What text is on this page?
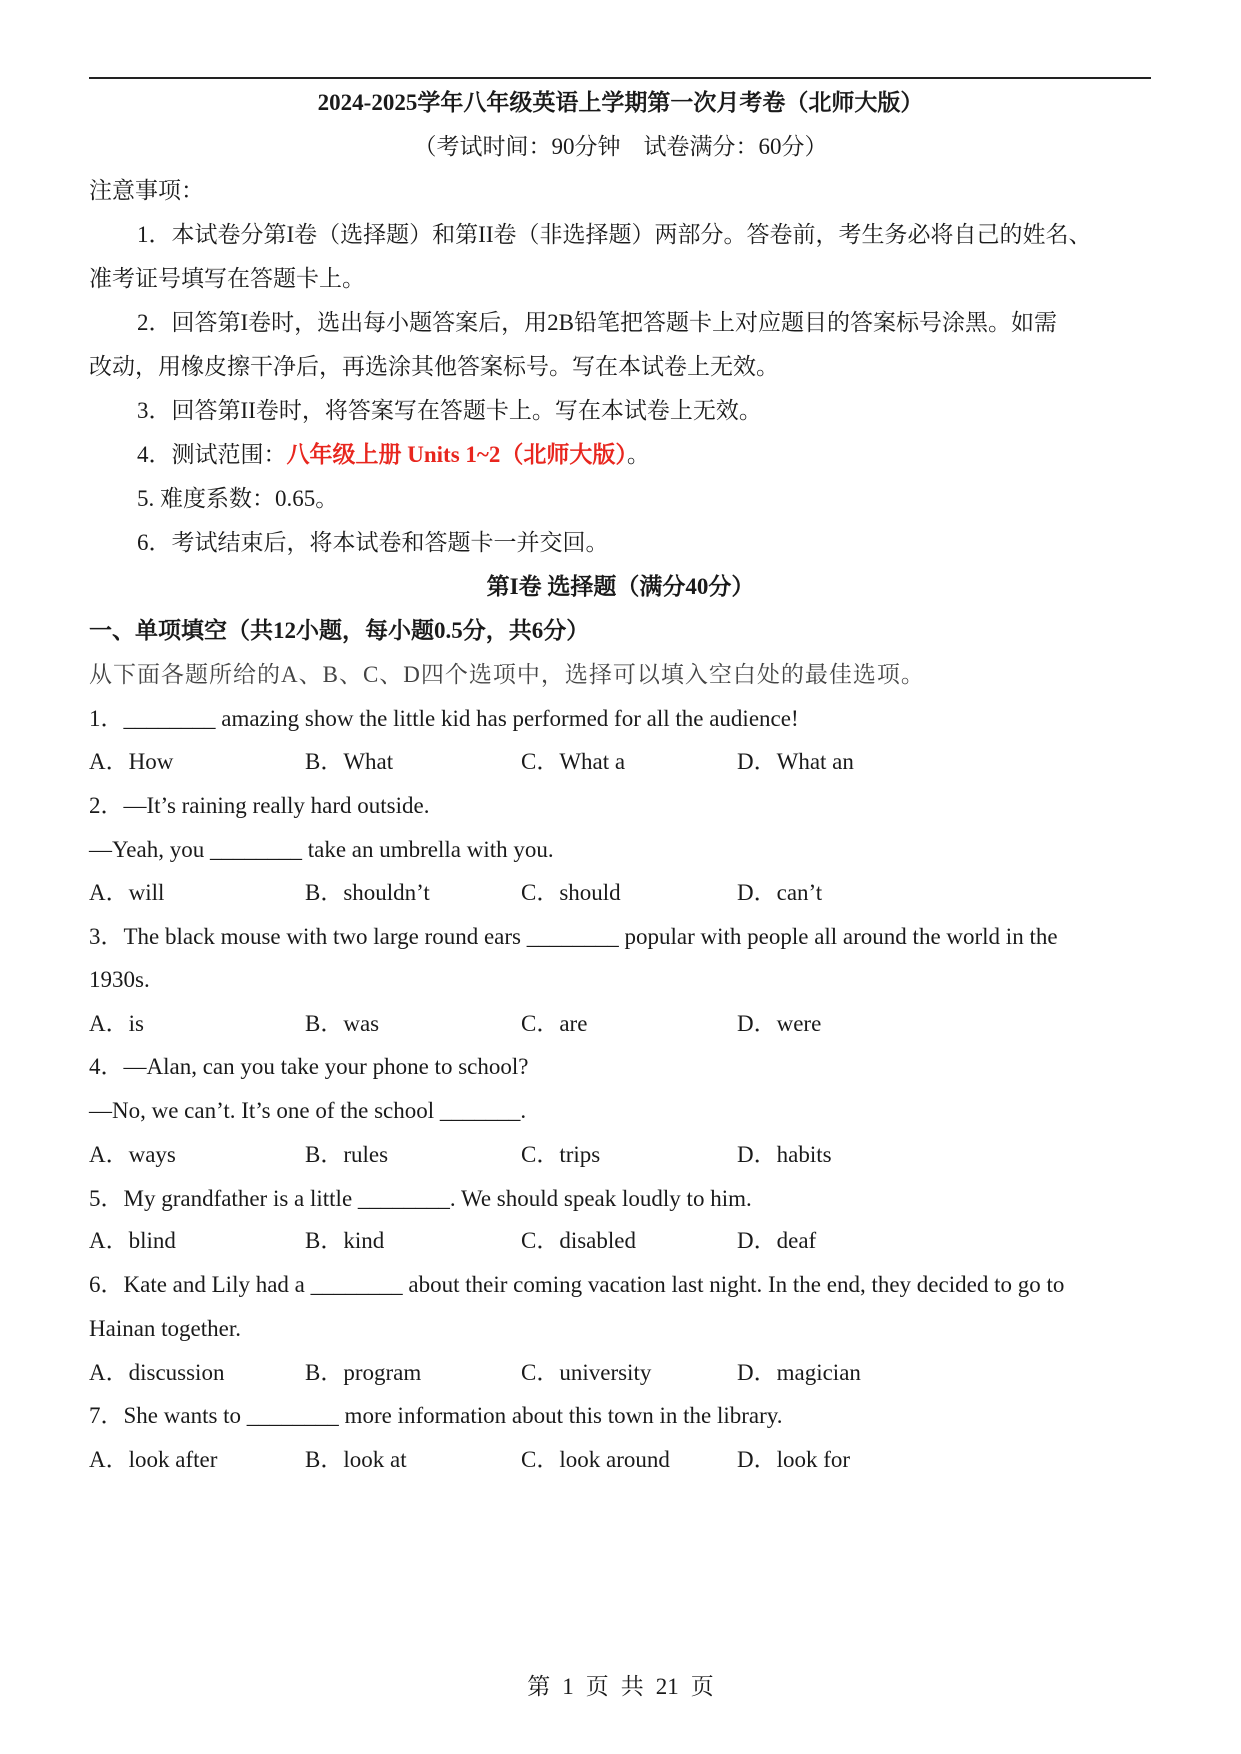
2024-2025学年八年级英语上学期第一次月考卷（北师大版）
（考试时间：90分钟　试卷满分：60分）
注意事项：
1．本试卷分第I卷（选择题）和第II卷（非选择题）两部分。答卷前，考生务必将自己的姓名、
准考证号填写在答题卡上。
2．回答第I卷时，选出每小题答案后，用2B铅笔把答题卡上对应题目的答案标号涂黑。如需
改动，用橡皮擦干净后，再选涂其他答案标号。写在本试卷上无效。
3．回答第II卷时，将答案写在答题卡上。写在本试卷上无效。
4．测试范围：八年级上册 Units 1~2（北师大版）。
5. 难度系数：0.65。
6．考试结束后，将本试卷和答题卡一并交回。
第I卷 选择题（满分40分）
一、单项填空（共12小题，每小题0.5分，共6分）
从下面各题所给的A、B、C、D四个选项中，选择可以填入空白处的最佳选项。
1．________ amazing show the little kid has performed for all the audience!
A．How	B．What	C．What a	D．What an
2．—It’s raining really hard outside.
—Yeah, you ________ take an umbrella with you.
A．will	B．shouldn’t	C．should	D．can’t
3．The black mouse with two large round ears ________ popular with people all around the world in the
1930s.
A．is	B．was	C．are	D．were
4．—Alan, can you take your phone to school?
—No, we can’t. It’s one of the school _______.
A．ways	B．rules	C．trips	D．habits
5．My grandfather is a little ________. We should speak loudly to him.
A．blind	B．kind	C．disabled	D．deaf
6．Kate and Lily had a ________ about their coming vacation last night. In the end, they decided to go to
Hainan together.
A．discussion	B．program	C．university	D．magician
7．She wants to ________ more information about this town in the library.
A．look after	B．look at	C．look around	D．look for
第 1 页 共 21 页
